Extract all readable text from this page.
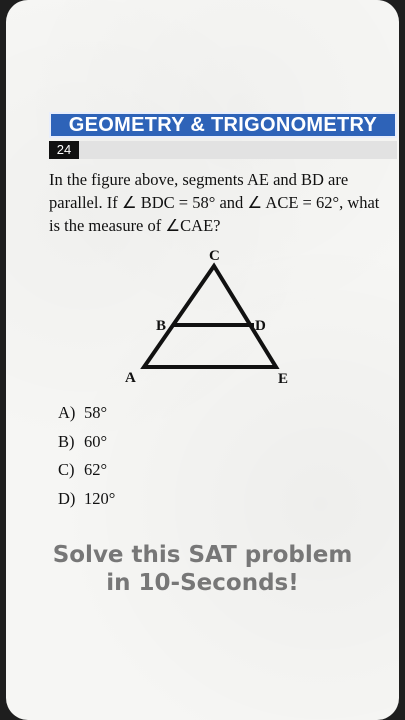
GEOMETRY & TRIGONOMETRY
24
In the figure above, segments AE and BD are parallel. If ∠ BDC = 58° and ∠ ACE = 62°, what is the measure of ∠CAE?
C
B	D
A	E
A) 58°
B) 60°
C) 62°
D) 120°
Solve this SAT problem
in 10-Seconds!
